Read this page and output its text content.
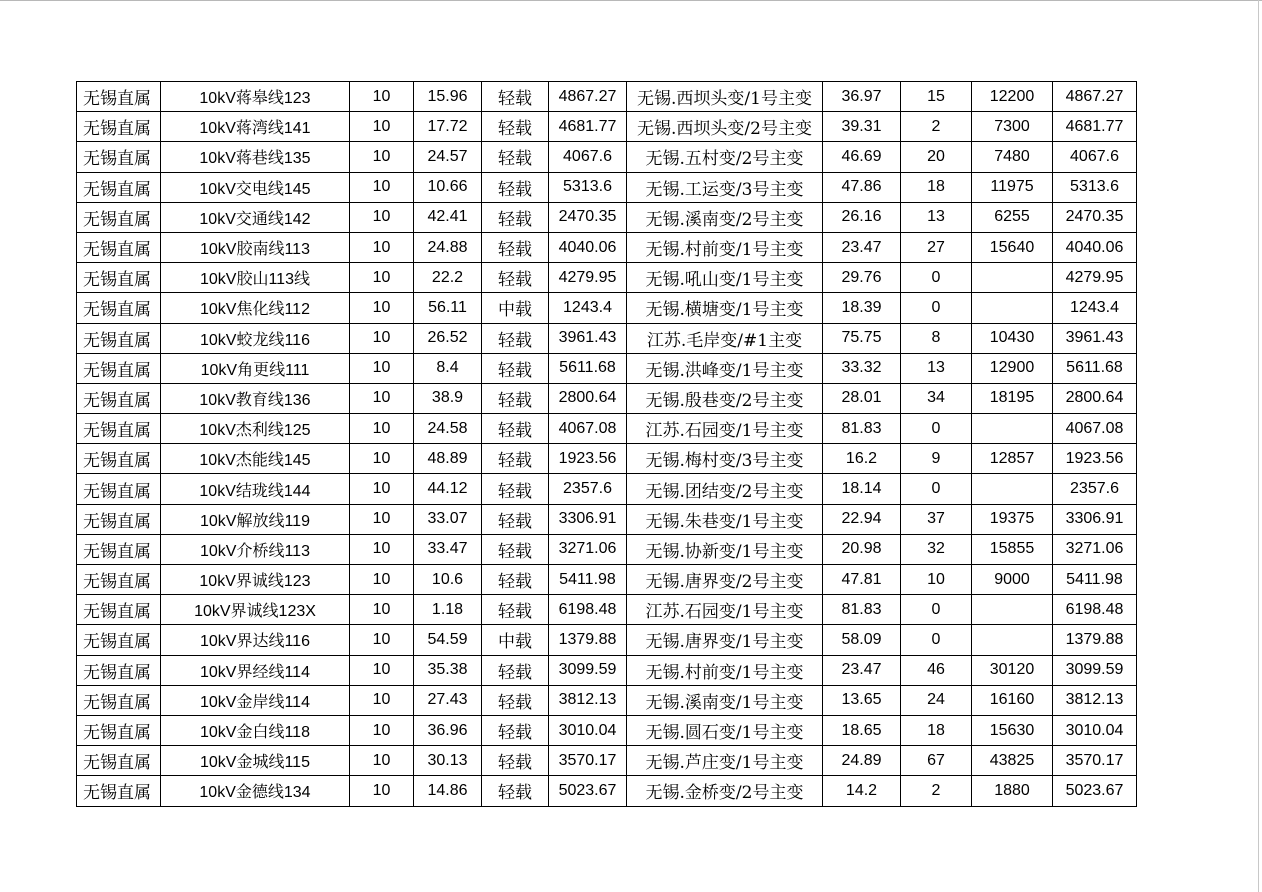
无锡直属	10kV蒋皋线123	10	15.96	轻载	4867.27	无锡.西坝头变/1号主变	36.97	15	12200	4867.27
无锡直属	10kV蒋湾线141	10	17.72	轻载	4681.77	无锡.西坝头变/2号主变	39.31	2	7300	4681.77
无锡直属	10kV蒋巷线135	10	24.57	轻载	4067.6	无锡.五村变/2号主变	46.69	20	7480	4067.6
无锡直属	10kV交电线145	10	10.66	轻载	5313.6	无锡.工运变/3号主变	47.86	18	11975	5313.6
无锡直属	10kV交通线142	10	42.41	轻载	2470.35	无锡.溪南变/2号主变	26.16	13	6255	2470.35
无锡直属	10kV胶南线113	10	24.88	轻载	4040.06	无锡.村前变/1号主变	23.47	27	15640	4040.06
无锡直属	10kV胶山113线	10	22.2	轻载	4279.95	无锡.吼山变/1号主变	29.76	0		4279.95
无锡直属	10kV焦化线112	10	56.11	中载	1243.4	无锡.横塘变/1号主变	18.39	0		1243.4
无锡直属	10kV蛟龙线116	10	26.52	轻载	3961.43	江苏.毛岸变/#1主变	75.75	8	10430	3961.43
无锡直属	10kV角更线111	10	8.4	轻载	5611.68	无锡.洪峰变/1号主变	33.32	13	12900	5611.68
无锡直属	10kV教育线136	10	38.9	轻载	2800.64	无锡.殷巷变/2号主变	28.01	34	18195	2800.64
无锡直属	10kV杰利线125	10	24.58	轻载	4067.08	江苏.石园变/1号主变	81.83	0		4067.08
无锡直属	10kV杰能线145	10	48.89	轻载	1923.56	无锡.梅村变/3号主变	16.2	9	12857	1923.56
无锡直属	10kV结珑线144	10	44.12	轻载	2357.6	无锡.团结变/2号主变	18.14	0		2357.6
无锡直属	10kV解放线119	10	33.07	轻载	3306.91	无锡.朱巷变/1号主变	22.94	37	19375	3306.91
无锡直属	10kV介桥线113	10	33.47	轻载	3271.06	无锡.协新变/1号主变	20.98	32	15855	3271.06
无锡直属	10kV界诚线123	10	10.6	轻载	5411.98	无锡.唐界变/2号主变	47.81	10	9000	5411.98
无锡直属	10kV界诚线123X	10	1.18	轻载	6198.48	江苏.石园变/1号主变	81.83	0		6198.48
无锡直属	10kV界达线116	10	54.59	中载	1379.88	无锡.唐界变/1号主变	58.09	0		1379.88
无锡直属	10kV界经线114	10	35.38	轻载	3099.59	无锡.村前变/1号主变	23.47	46	30120	3099.59
无锡直属	10kV金岸线114	10	27.43	轻载	3812.13	无锡.溪南变/1号主变	13.65	24	16160	3812.13
无锡直属	10kV金白线118	10	36.96	轻载	3010.04	无锡.圆石变/1号主变	18.65	18	15630	3010.04
无锡直属	10kV金城线115	10	30.13	轻载	3570.17	无锡.芦庄变/1号主变	24.89	67	43825	3570.17
无锡直属	10kV金德线134	10	14.86	轻载	5023.67	无锡.金桥变/2号主变	14.2	2	1880	5023.67
